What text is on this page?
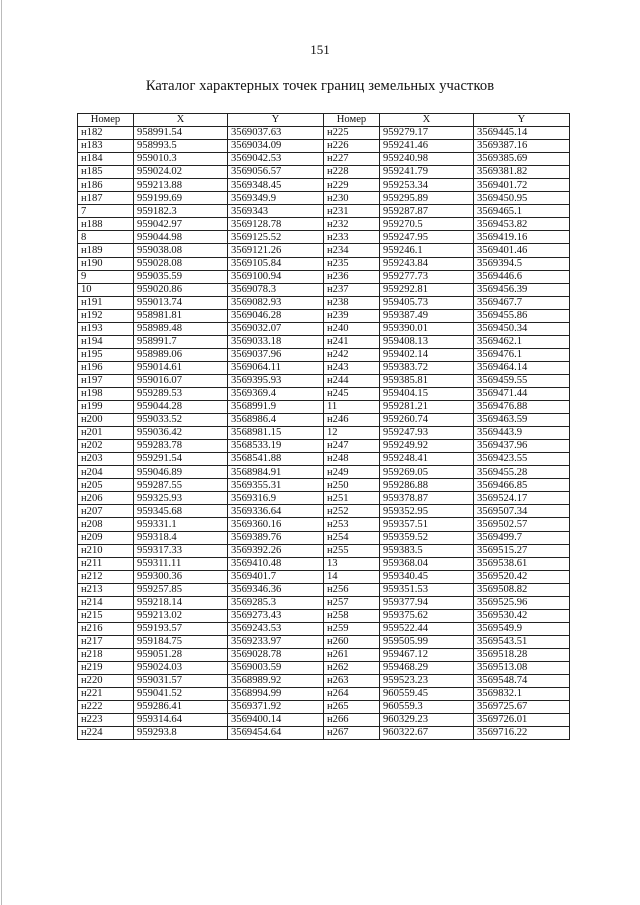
151
Каталог характерных точек границ земельных участков
Номер	X	Y	Номер	X	Y
н182	958991.54	3569037.63	н225	959279.17	3569445.14
н183	958993.5	3569034.09	н226	959241.46	3569387.16
н184	959010.3	3569042.53	н227	959240.98	3569385.69
н185	959024.02	3569056.57	н228	959241.79	3569381.82
н186	959213.88	3569348.45	н229	959253.34	3569401.72
н187	959199.69	3569349.9	н230	959295.89	3569450.95
7	959182.3	3569343	н231	959287.87	3569465.1
н188	959042.97	3569128.78	н232	959270.5	3569453.82
8	959044.98	3569125.52	н233	959247.95	3569419.16
н189	959038.08	3569121.26	н234	959246.1	3569401.46
н190	959028.08	3569105.84	н235	959243.84	3569394.5
9	959035.59	3569100.94	н236	959277.73	3569446.6
10	959020.86	3569078.3	н237	959292.81	3569456.39
н191	959013.74	3569082.93	н238	959405.73	3569467.7
н192	958981.81	3569046.28	н239	959387.49	3569455.86
н193	958989.48	3569032.07	н240	959390.01	3569450.34
н194	958991.7	3569033.18	н241	959408.13	3569462.1
н195	958989.06	3569037.96	н242	959402.14	3569476.1
н196	959014.61	3569064.11	н243	959383.72	3569464.14
н197	959016.07	3569395.93	н244	959385.81	3569459.55
н198	959289.53	3569369.4	н245	959404.15	3569471.44
н199	959044.28	3568991.9	11	959281.21	3569476.88
н200	959033.52	3568986.4	н246	959260.74	3569463.59
н201	959036.42	3568981.15	12	959247.93	3569443.9
н202	959283.78	3568533.19	н247	959249.92	3569437.96
н203	959291.54	3568541.88	н248	959248.41	3569423.55
н204	959046.89	3568984.91	н249	959269.05	3569455.28
н205	959287.55	3569355.31	н250	959286.88	3569466.85
н206	959325.93	3569316.9	н251	959378.87	3569524.17
н207	959345.68	3569336.64	н252	959352.95	3569507.34
н208	959331.1	3569360.16	н253	959357.51	3569502.57
н209	959318.4	3569389.76	н254	959359.52	3569499.7
н210	959317.33	3569392.26	н255	959383.5	3569515.27
н211	959311.11	3569410.48	13	959368.04	3569538.61
н212	959300.36	3569401.7	14	959340.45	3569520.42
н213	959257.85	3569346.36	н256	959351.53	3569508.82
н214	959218.14	3569285.3	н257	959377.94	3569525.96
н215	959213.02	3569273.43	н258	959375.62	3569530.42
н216	959193.57	3569243.53	н259	959522.44	3569549.9
н217	959184.75	3569233.97	н260	959505.99	3569543.51
н218	959051.28	3569028.78	н261	959467.12	3569518.28
н219	959024.03	3569003.59	н262	959468.29	3569513.08
н220	959031.57	3568989.92	н263	959523.23	3569548.74
н221	959041.52	3568994.99	н264	960559.45	3569832.1
н222	959286.41	3569371.92	н265	960559.3	3569725.67
н223	959314.64	3569400.14	н266	960329.23	3569726.01
н224	959293.8	3569454.64	н267	960322.67	3569716.22
